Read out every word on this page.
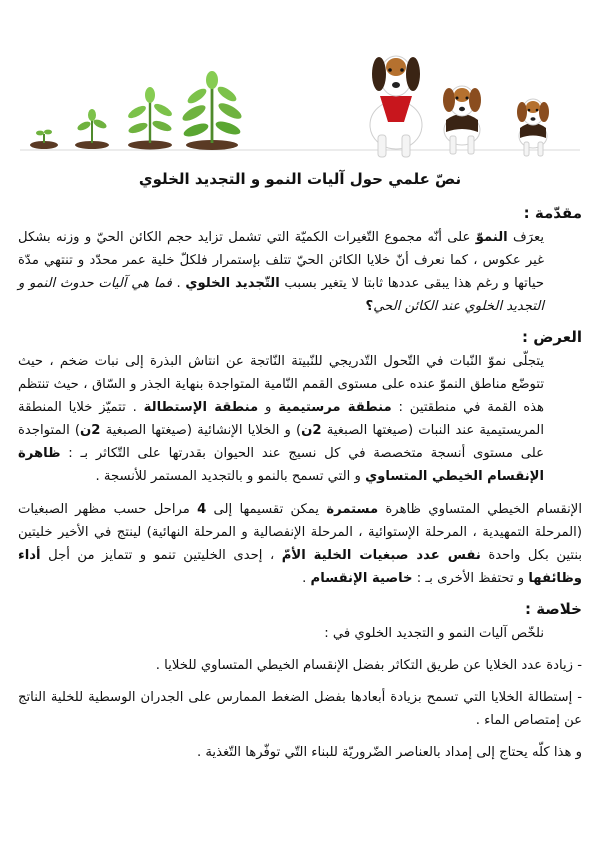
نصّ علمي حول آليات النمو و التجديد الخلوي
مقدّمة :

يعرَف النموّ على أنّه مجموع التّغيرات الكميّة التي تشمل تزايد حجم الكائن الحيّ و وزنه بشكل غير عكوس ، كما نعرف أنّ خلايا الكائن الحيّ تتلف بإستمرار فلكلّ خلية عمر محدّد و تنتهي مدّة حياتها و رغم هذا يبقى عددها ثابتا لا يتغير بسبب التّجديد الخلوي . فما هي آليات حدوث النمو و التجديد الخلوي عند الكائن الحي؟

العرض :

يتجلّى نموّ النّبات في التّحول التّدريجي للنّبيتة النّاتجة عن انتاش البذرة إلى نبات ضخم ، حيث تتوضّع مناطق النموّ عنده على مستوى القمم النّامية المتواجدة بنهاية الجذر و السّاق ، حيث تنتظم هذه القمة في منطقتين : منطقة مرستيمية و منطقة الإستطالة . تتميّز خلايا المنطقة المريستيمية عند النبات (صيغتها الصبغية 2ن) و الخلايا الإنشائية (صيغتها الصبغية 2ن) المتواجدة على مستوى أنسجة متخصصة في كل نسيج عند الحيوان بقدرتها على التّكاثر بـ : ظاهرة الإنقسام الخيطي المتساوي و التي تسمح بالنمو و بالتجديد المستمر للأنسجة .

الإنقسام الخيطي المتساوي ظاهرة مستمرة يمكن تقسيمها إلى 4 مراحل حسب مظهر الصبغيات (المرحلة التمهيدية ، المرحلة الإستوائية ، المرحلة الإنفصالية و المرحلة النهائية) لينتج في الأخير خليتين بنتين بكل واحدة نفس عدد صبغيات الخلية الأمّ ، إحدى الخليتين تنمو و تتمايز من أجل أداء وظائفها و تحتفظ الأخرى بـ : خاصية الإنقسام .

خلاصة :
نلخّص آليات النمو و التجديد الخلوي في :
- زيادة عدد الخلايا عن طريق التكاثر بفضل الإنقسام الخيطي المتساوي للخلايا .
- إستطالة الخلايا التي تسمح بزيادة أبعادها بفضل الضغط الممارس على الجدران الوسطية للخلية الناتج عن إمتصاص الماء .
و هذا كلّه يحتاج إلى إمداد بالعناصر الضّروريّة للبناء التّي توفّرها التّغذية .
